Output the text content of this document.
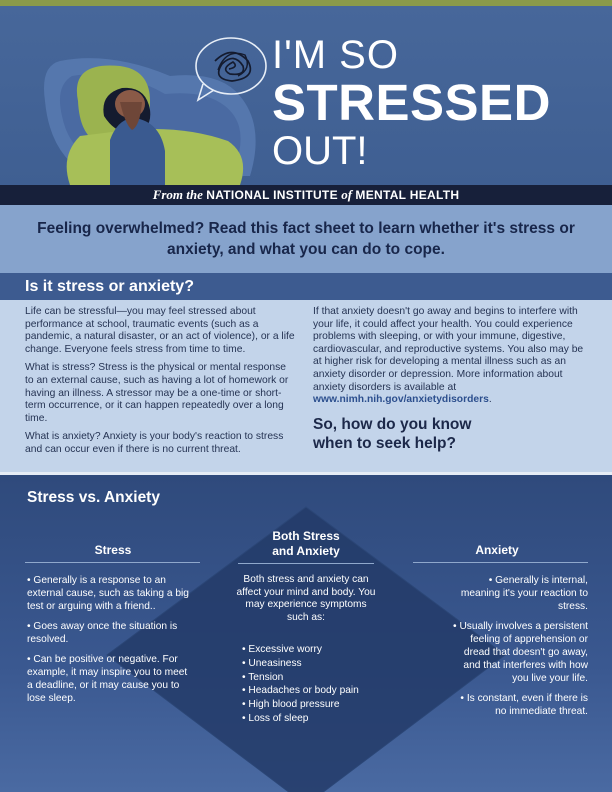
I'M SO
STRESSED
OUT!
From the NATIONAL INSTITUTE of MENTAL HEALTH

Feeling overwhelmed? Read this fact sheet to learn whether it's stress or anxiety, and what you can do to cope.

Is it stress or anxiety?

Life can be stressful—you may feel stressed about performance at school, traumatic events (such as a pandemic, a natural disaster, or an act of violence), or a life change. Everyone feels stress from time to time.

What is stress? Stress is the physical or mental response to an external cause, such as having a lot of homework or having an illness. A stressor may be a one-time or short-term occurrence, or it can happen repeatedly over a long time.

What is anxiety? Anxiety is your body's reaction to stress and can occur even if there is no current threat.

If that anxiety doesn't go away and begins to interfere with your life, it could affect your health. You could experience problems with sleeping, or with your immune, digestive, cardiovascular, and reproductive systems. You also may be at higher risk for developing a mental illness such as an anxiety disorder or depression. More information about anxiety disorders is available at www.nimh.nih.gov/anxietydisorders.

So, how do you know
when to seek help?
Stress vs. Anxiety
Stress
• Generally is a response to an external cause, such as taking a big test or arguing with a friend..
• Goes away once the situation is resolved.
• Can be positive or negative. For example, it may inspire you to meet a deadline, or it may cause you to lose sleep.
Both Stress
and Anxiety
Both stress and anxiety can affect your mind and body. You may experience symptoms such as:
• Excessive worry
• Uneasiness
• Tension
• Headaches or body pain
• High blood pressure
• Loss of sleep
Anxiety
• Generally is internal, meaning it's your reaction to stress.
• Usually involves a persistent feeling of apprehension or dread that doesn't go away, and that interferes with how you live your life.
• Is constant, even if there is no immediate threat.
